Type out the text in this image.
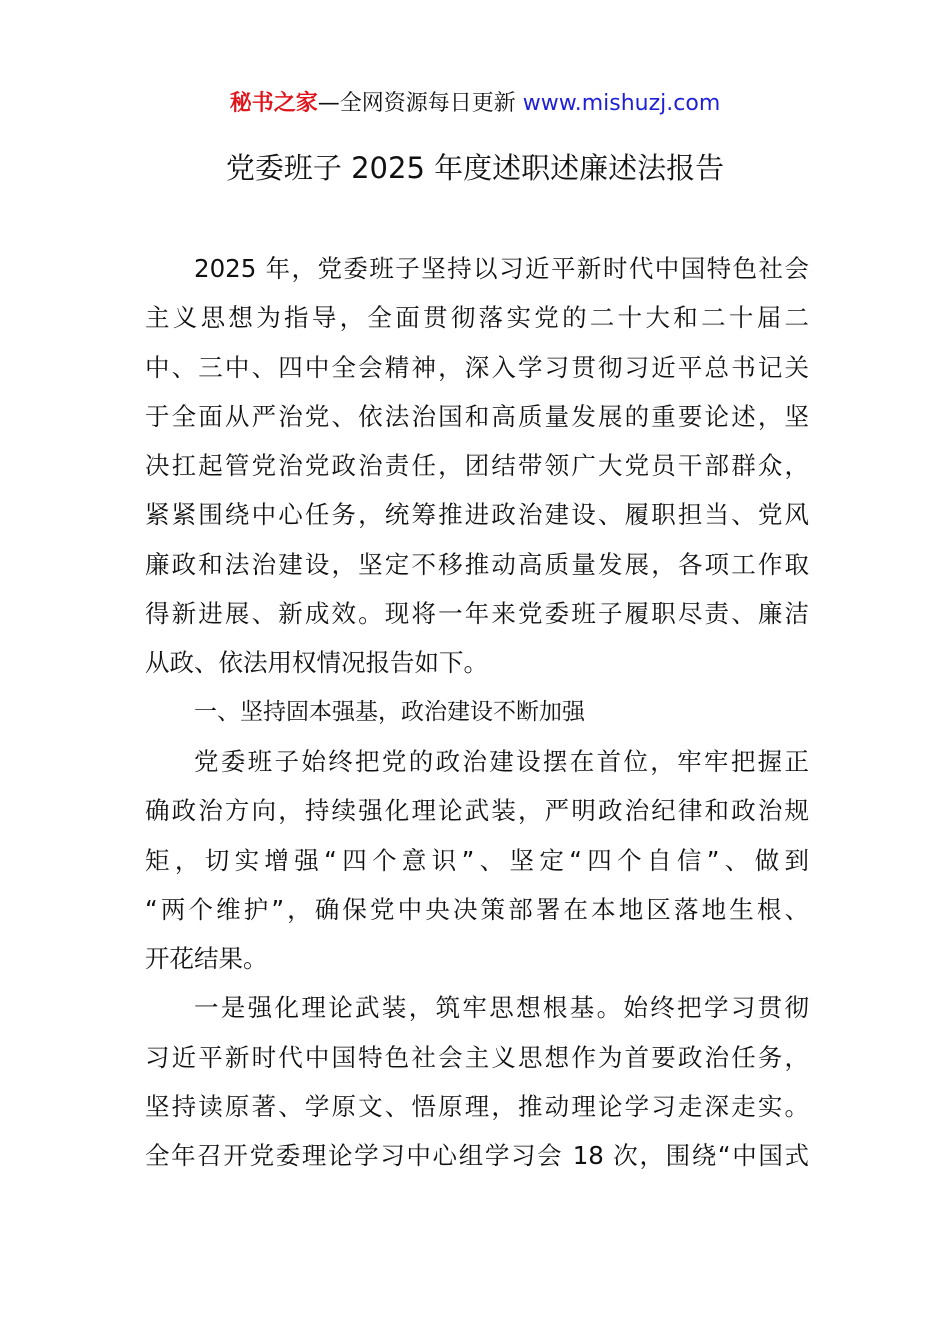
秘书之家—全网资源每日更新 www.mishuzj.com
党委班子 2025 年度述职述廉述法报告
2025 年，党委班子坚持以习近平新时代中国特色社会
主义思想为指导，全面贯彻落实党的二十大和二十届二
中、三中、四中全会精神，深入学习贯彻习近平总书记关
于全面从严治党、依法治国和高质量发展的重要论述，坚
决扛起管党治党政治责任，团结带领广大党员干部群众，
紧紧围绕中心任务，统筹推进政治建设、履职担当、党风
廉政和法治建设，坚定不移推动高质量发展，各项工作取
得新进展、新成效。现将一年来党委班子履职尽责、廉洁
从政、依法用权情况报告如下。
一、坚持固本强基，政治建设不断加强
党委班子始终把党的政治建设摆在首位，牢牢把握正
确政治方向，持续强化理论武装，严明政治纪律和政治规
矩，切实增强“四个意识”、坚定“四个自信”、做到
“两个维护”，确保党中央决策部署在本地区落地生根、
开花结果。
一是强化理论武装，筑牢思想根基。始终把学习贯彻
习近平新时代中国特色社会主义思想作为首要政治任务，
坚持读原著、学原文、悟原理，推动理论学习走深走实。
全年召开党委理论学习中心组学习会 18 次，围绕“中国式
